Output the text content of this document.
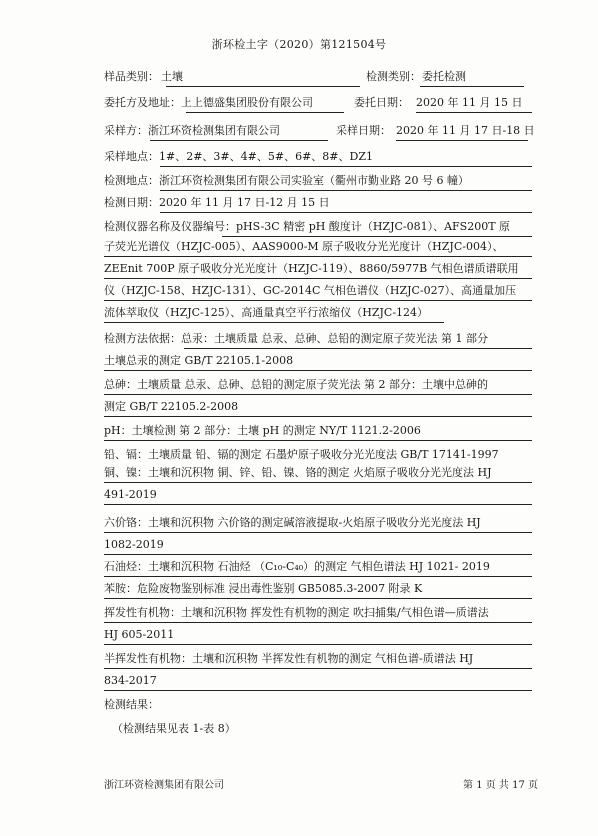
浙环检土字（2020）第121504号
样品类别： 土壤	检测类别： 委托检测
委托方及地址：上上德盛集团股份有限公司	委托日期： 2020 年 11 月 15 日
采样方：浙江环资检测集团有限公司	采样日期： 2020 年 11 月 17 日-18 日
采样地点：1#、2#、3#、4#、5#、6#、8#、DZ1
检测地点：浙江环资检测集团有限公司实验室（衢州市勤业路 20 号 6 幢）
检测日期：2020 年 11 月 17 日-12 月 15 日
检测仪器名称及仪器编号：pHS-3C 精密 pH 酸度计（HZJC-081）、AFS200T 原
子荧光光谱仪（HZJC-005）、AAS9000-M 原子吸收分光光度计（HZJC-004）、
ZEEnit 700P 原子吸收分光光度计（HZJC-119）、8860/5977B 气相色谱质谱联用
仪（HZJC-158、HZJC-131）、GC-2014C 气相色谱仪（HZJC-027）、高通量加压
流体萃取仪（HZJC-125）、高通量真空平行浓缩仪（HZJC-124）
检测方法依据：总汞：土壤质量 总汞、总砷、总铅的测定原子荧光法 第 1 部分
土壤总汞的测定 GB/T 22105.1-2008
总砷：土壤质量 总汞、总砷、总铅的测定原子荧光法 第 2 部分：土壤中总砷的
测定 GB/T 22105.2-2008
pH：土壤检测 第 2 部分：土壤 pH 的测定 NY/T 1121.2-2006
铅、镉：土壤质量 铅、镉的测定 石墨炉原子吸收分光光度法 GB/T 17141-1997
铜、镍：土壤和沉积物 铜、锌、铅、镍、铬的测定 火焰原子吸收分光光度法 HJ
491-2019
六价铬：土壤和沉积物 六价铬的测定碱溶液提取-火焰原子吸收分光光度法 HJ
1082-2019
石油烃：土壤和沉积物 石油烃 （C₁₀-C₄₀）的测定 气相色谱法 HJ 1021- 2019
苯胺：危险废物鉴别标准 浸出毒性鉴别 GB5085.3-2007 附录 K
挥发性有机物：土壤和沉积物 挥发性有机物的测定 吹扫捕集/气相色谱—质谱法
HJ 605-2011
半挥发性有机物：土壤和沉积物 半挥发性有机物的测定 气相色谱-质谱法 HJ
834-2017
检测结果：
（检测结果见表 1-表 8）
浙江环资检测集团有限公司	第 1 页 共 17 页
